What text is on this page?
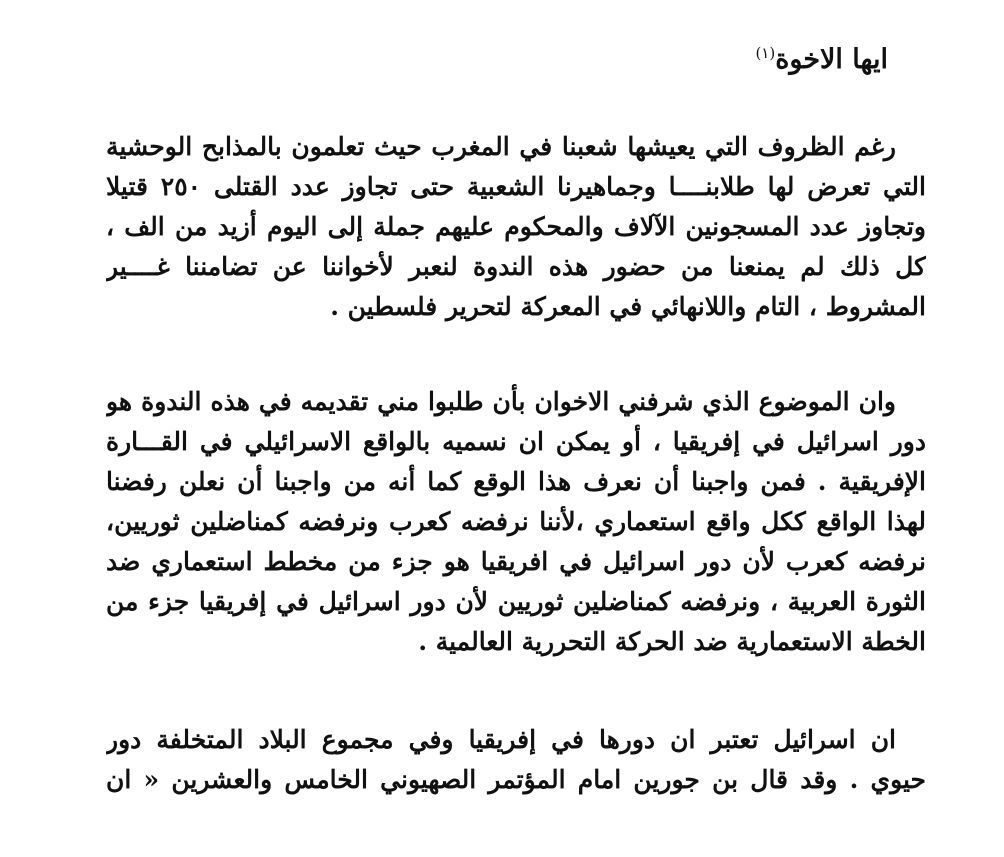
ايها الاخوة$^{(١)}$
رغم الظروف التي يعيشها شعبنا في المغرب حيث تعلمون بالمذابح الوحشية
التي تعرض لها طلابنــــا وجماهيرنا الشعبية حتى تجاوز عدد القتلى ٢٥٠ قتيلا
وتجاوز عدد المسجونين الآلاف والمحكوم عليهم جملة إلى اليوم أزيد من الف ،
كل ذلك لم يمنعنا من حضور هذه الندوة لنعبر لأخواننا عن تضامننا غــــير
المشروط ، التام واللانهائي في المعركة لتحرير فلسطين .
وان الموضوع الذي شرفني الاخوان بأن طلبوا مني تقديمه في هذه الندوة هو
دور اسرائيل في إفريقيا ، أو يمكن ان نسميه بالواقع الاسرائيلي في القـــارة
الإفريقية . فمن واجبنا أن نعرف هذا الوقع كما أنه من واجبنا أن نعلن رفضنا
لهذا الواقع ككل واقع استعماري ،لأننا نرفضه كعرب ونرفضه كمناضلين ثوريين،
نرفضه كعرب لأن دور اسرائيل في افريقيا هو جزء من مخطط استعماري ضد
الثورة العربية ، ونرفضه كمناضلين ثوريين لأن دور اسرائيل في إفريقيا جزء من
الخطة الاستعمارية ضد الحركة التحررية العالمية .
ان اسرائيل تعتبر ان دورها في إفريقيا وفي مجموع البلاد المتخلفة دور
حيوي . وقد قال بن جورين امام المؤتمر الصهيوني الخامس والعشرين « ان
